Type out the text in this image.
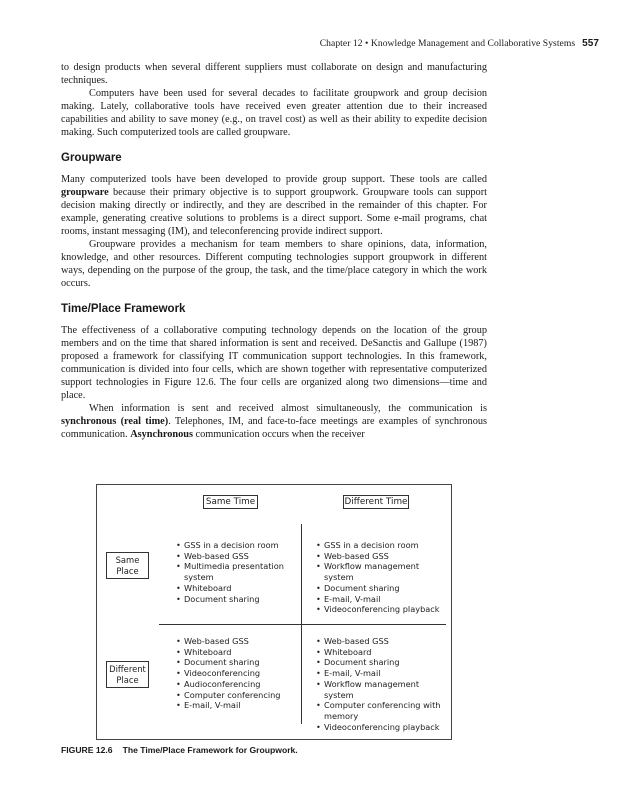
Chapter 12 • Knowledge Management and Collaborative Systems 557

to design products when several different suppliers must collaborate on design and manufacturing techniques.

Computers have been used for several decades to facilitate groupwork and group decision making. Lately, collaborative tools have received even greater attention due to their increased capabilities and ability to save money (e.g., on travel cost) as well as their ability to expedite decision making. Such computerized tools are called groupware.

Groupware

Many computerized tools have been developed to provide group support. These tools are called groupware because their primary objective is to support groupwork. Groupware tools can support decision making directly or indirectly, and they are described in the remainder of this chapter. For example, generating creative solutions to problems is a direct support. Some e-mail programs, chat rooms, instant messaging (IM), and teleconferencing provide indirect support.

Groupware provides a mechanism for team members to share opinions, data, information, knowledge, and other resources. Different computing technologies support groupwork in different ways, depending on the purpose of the group, the task, and the time/place category in which the work occurs.

Time/Place Framework

The effectiveness of a collaborative computing technology depends on the location of the group members and on the time that shared information is sent and received. DeSanctis and Gallupe (1987) proposed a framework for classifying IT communication support technologies. In this framework, communication is divided into four cells, which are shown together with representative computerized support technologies in Figure 12.6. The four cells are organized along two dimensions—time and place.

When information is sent and received almost simultaneously, the communication is synchronous (real time). Telephones, IM, and face-to-face meetings are examples of synchronous communication. Asynchronous communication occurs when the receiver

Same Time	Different Time
Same
Place
Different
Place
• GSS in a decision room
• Web-based GSS
• Multimedia presentation system
• Whiteboard
• Document sharing
• GSS in a decision room
• Web-based GSS
• Workflow management system
• Document sharing
• E-mail, V-mail
• Videoconferencing playback
• Web-based GSS
• Whiteboard
• Document sharing
• Videoconferencing
• Audioconferencing
• Computer conferencing
• E-mail, V-mail
• Web-based GSS
• Whiteboard
• Document sharing
• E-mail, V-mail
• Workflow management system
• Computer conferencing with memory
• Videoconferencing playback
FIGURE 12.6 The Time/Place Framework for Groupwork.
